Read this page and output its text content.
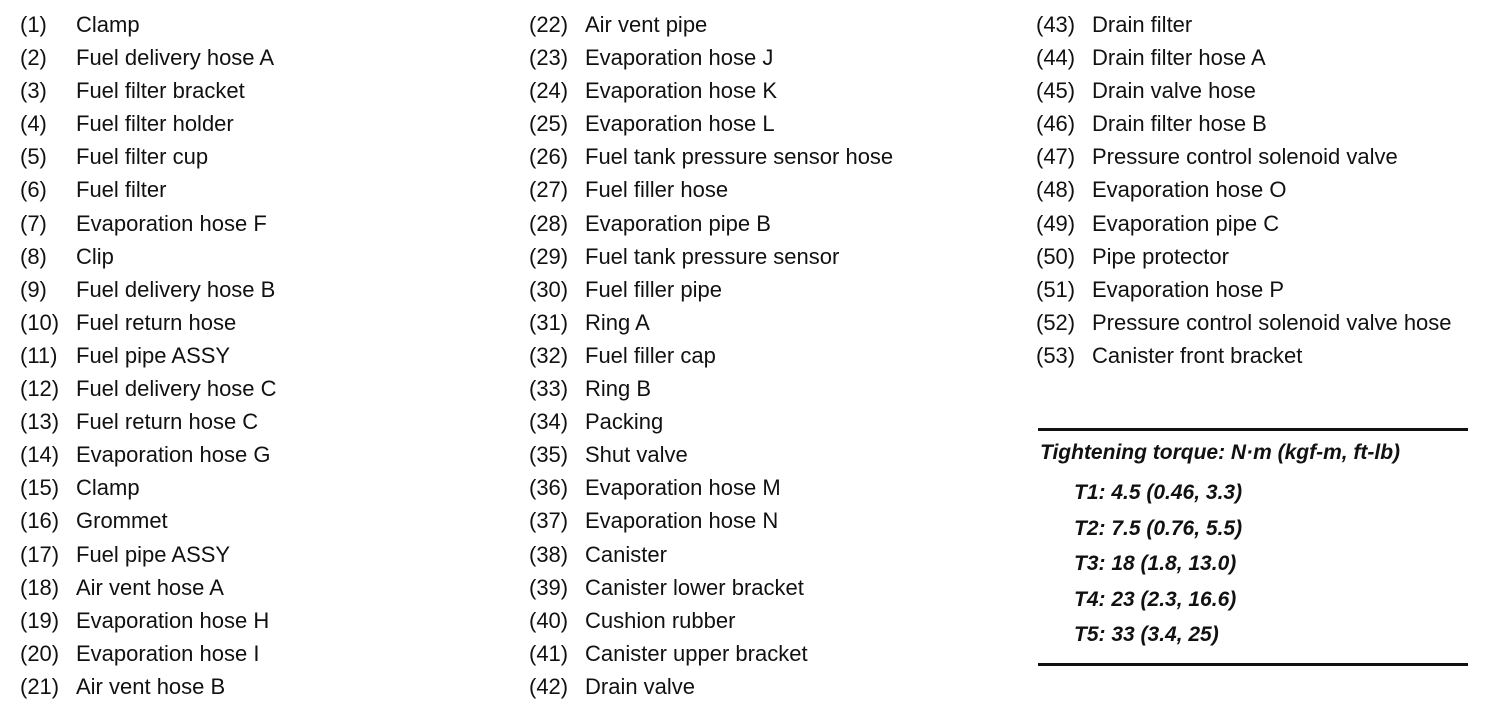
(1)	Clamp
(2)	Fuel delivery hose A
(3)	Fuel filter bracket
(4)	Fuel filter holder
(5)	Fuel filter cup
(6)	Fuel filter
(7)	Evaporation hose F
(8)	Clip
(9)	Fuel delivery hose B
(10) Fuel return hose
(11) Fuel pipe ASSY
(12) Fuel delivery hose C
(13) Fuel return hose C
(14) Evaporation hose G
(15) Clamp
(16) Grommet
(17) Fuel pipe ASSY
(18) Air vent hose A
(19) Evaporation hose H
(20) Evaporation hose I
(21) Air vent hose B
(22) Air vent pipe
(23) Evaporation hose J
(24) Evaporation hose K
(25) Evaporation hose L
(26) Fuel tank pressure sensor hose
(27) Fuel filler hose
(28) Evaporation pipe B
(29) Fuel tank pressure sensor
(30) Fuel filler pipe
(31) Ring A
(32) Fuel filler cap
(33) Ring B
(34) Packing
(35) Shut valve
(36) Evaporation hose M
(37) Evaporation hose N
(38) Canister
(39) Canister lower bracket
(40) Cushion rubber
(41) Canister upper bracket
(42) Drain valve
(43) Drain filter
(44) Drain filter hose A
(45) Drain valve hose
(46) Drain filter hose B
(47) Pressure control solenoid valve
(48) Evaporation hose O
(49) Evaporation pipe C
(50) Pipe protector
(51) Evaporation hose P
(52) Pressure control solenoid valve hose
(53) Canister front bracket
Tightening torque: N·m (kgf-m, ft-lb)
T1: 4.5 (0.46, 3.3)
T2: 7.5 (0.76, 5.5)
T3: 18 (1.8, 13.0)
T4: 23 (2.3, 16.6)
T5: 33 (3.4, 25)
